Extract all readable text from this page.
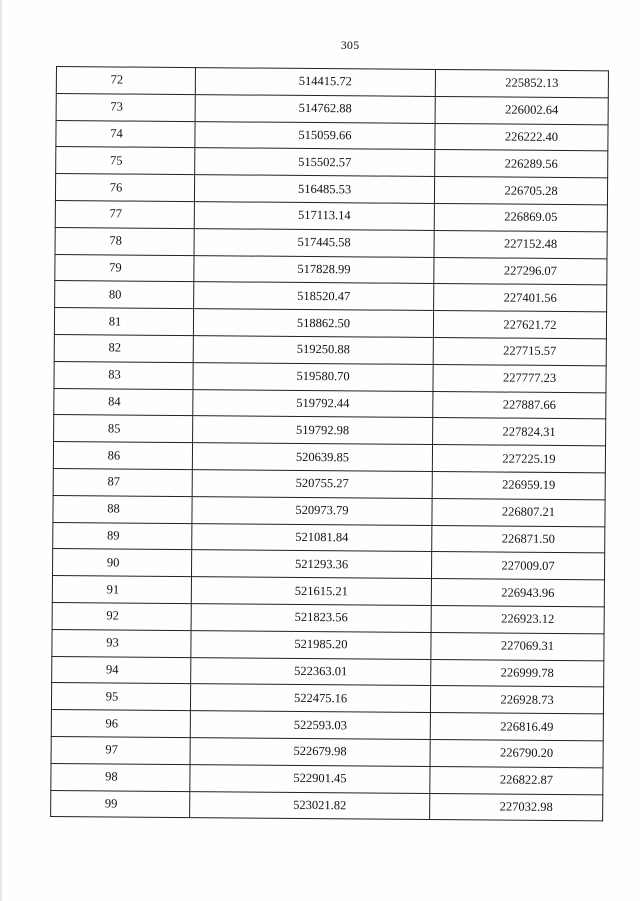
305
72	514415.72	225852.13
73	514762.88	226002.64
74	515059.66	226222.40
75	515502.57	226289.56
76	516485.53	226705.28
77	517113.14	226869.05
78	517445.58	227152.48
79	517828.99	227296.07
80	518520.47	227401.56
81	518862.50	227621.72
82	519250.88	227715.57
83	519580.70	227777.23
84	519792.44	227887.66
85	519792.98	227824.31
86	520639.85	227225.19
87	520755.27	226959.19
88	520973.79	226807.21
89	521081.84	226871.50
90	521293.36	227009.07
91	521615.21	226943.96
92	521823.56	226923.12
93	521985.20	227069.31
94	522363.01	226999.78
95	522475.16	226928.73
96	522593.03	226816.49
97	522679.98	226790.20
98	522901.45	226822.87
99	523021.82	227032.98
